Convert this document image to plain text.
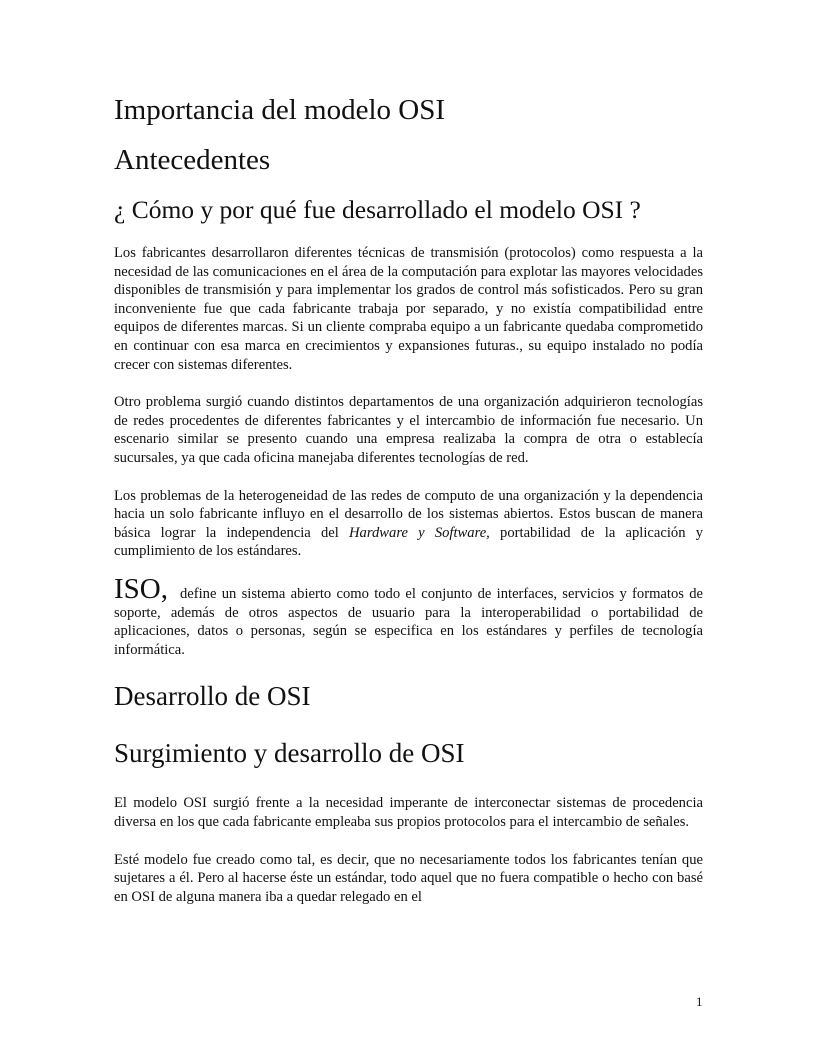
Importancia del modelo OSI
Antecedentes
¿ Cómo y por qué fue desarrollado el modelo OSI ?

Los fabricantes desarrollaron diferentes técnicas de transmisión (protocolos) como respuesta a la necesidad de las comunicaciones en el área de la computación para explotar las mayores velocidades disponibles de transmisión y para implementar los grados de control más sofisticados. Pero su gran inconveniente fue que cada fabricante trabaja por separado, y no existía compatibilidad entre equipos de diferentes marcas. Si un cliente compraba equipo a un fabricante quedaba comprometido en continuar con esa marca en crecimientos y expansiones futuras., su equipo instalado no podía crecer con sistemas diferentes.

Otro problema surgió cuando distintos departamentos de una organización adquirieron tecnologías de redes procedentes de diferentes fabricantes y el intercambio de información fue necesario. Un escenario similar se presento cuando una empresa realizaba la compra de otra o establecía sucursales, ya que cada oficina manejaba diferentes tecnologías de red.

Los problemas de la heterogeneidad de las redes de computo de una organización y la dependencia hacia un solo fabricante influyo en el desarrollo de los sistemas abiertos. Estos buscan de manera básica lograr la independencia del Hardware y Software, portabilidad de la aplicación y cumplimiento de los estándares.

ISO, define un sistema abierto como todo el conjunto de interfaces, servicios y formatos de soporte, además de otros aspectos de usuario para la interoperabilidad o portabilidad de aplicaciones, datos o personas, según se especifica en los estándares y perfiles de tecnología informática.

Desarrollo de OSI
Surgimiento y desarrollo de OSI

El modelo OSI surgió frente a la necesidad imperante de interconectar sistemas de procedencia diversa en los que cada fabricante empleaba sus propios protocolos para el intercambio de señales.

Esté modelo fue creado como tal, es decir, que no necesariamente todos los fabricantes tenían que sujetares a él. Pero al hacerse éste un estándar, todo aquel que no fuera compatible o hecho con basé en OSI de alguna manera iba a quedar relegado en el

1
